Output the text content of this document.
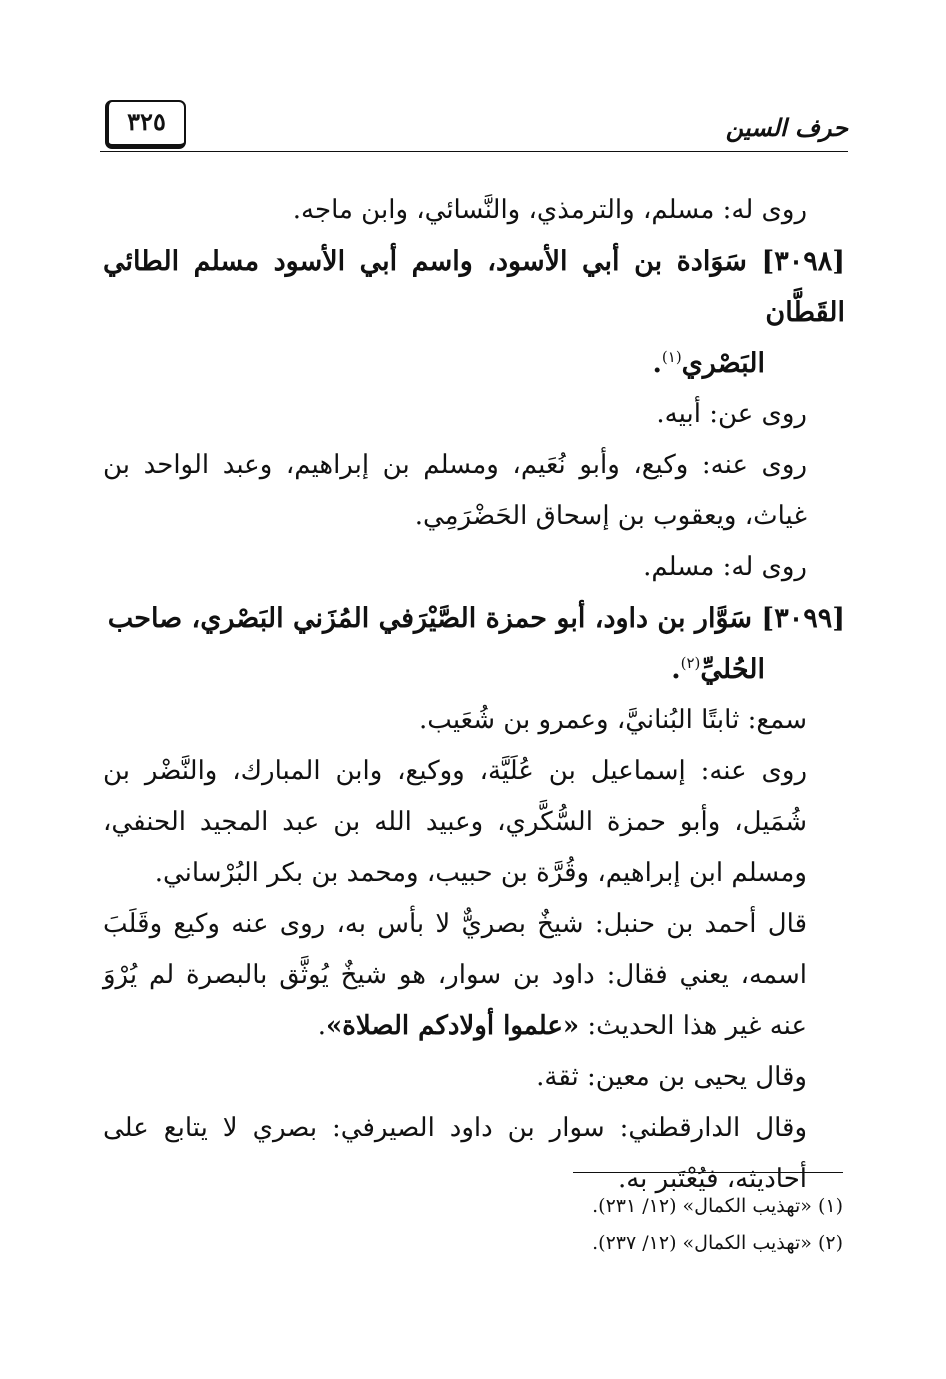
٣٢٥	حرف السين

روى له: مسلم، والترمذي، والنَّسائي، وابن ماجه.

[٣٠٩٨] سَوَادة بن أبي الأسود، واسم أبي الأسود مسلم الطائي القَطَّان
البَصْري$^{(١)}$.

روى عن: أبيه.

روى عنه: وكيع، وأبو نُعَيم، ومسلم بن إبراهيم، وعبد الواحد بن غياث، ويعقوب بن إسحاق الحَضْرَمِي.

روى له: مسلم.

[٣٠٩٩] سَوَّار بن داود، أبو حمزة الصَّيْرَفي المُزَني البَصْري، صاحب
الحُليِّ$^{(٢)}$.

سمع: ثابتًا البُنانيَّ، وعمرو بن شُعَيب.

روى عنه: إسماعيل بن عُلَيَّة، ووكيع، وابن المبارك، والنَّضْر بن شُمَيل، وأبو حمزة السُّكَّري، وعبيد الله بن عبد المجيد الحنفي، ومسلم ابن إبراهيم، وقُرَّة بن حبيب، ومحمد بن بكر البُرْساني.

قال أحمد بن حنبل: شيخٌ بصريٌّ لا بأس به، روى عنه وكيع وقَلَبَ اسمه، يعني فقال: داود بن سوار، هو شيخٌ يُوثَّق بالبصرة لم يُرْوَ عنه غير هذا الحديث: «علموا أولادكم الصلاة».

وقال يحيى بن معين: ثقة.

وقال الدارقطني: سوار بن داود الصيرفي: بصري لا يتابع على أحاديثه، فيُعْتَبر به.

(١) «تهذيب الكمال» (١٢/ ٢٣١).

(٢) «تهذيب الكمال» (١٢/ ٢٣٧).
